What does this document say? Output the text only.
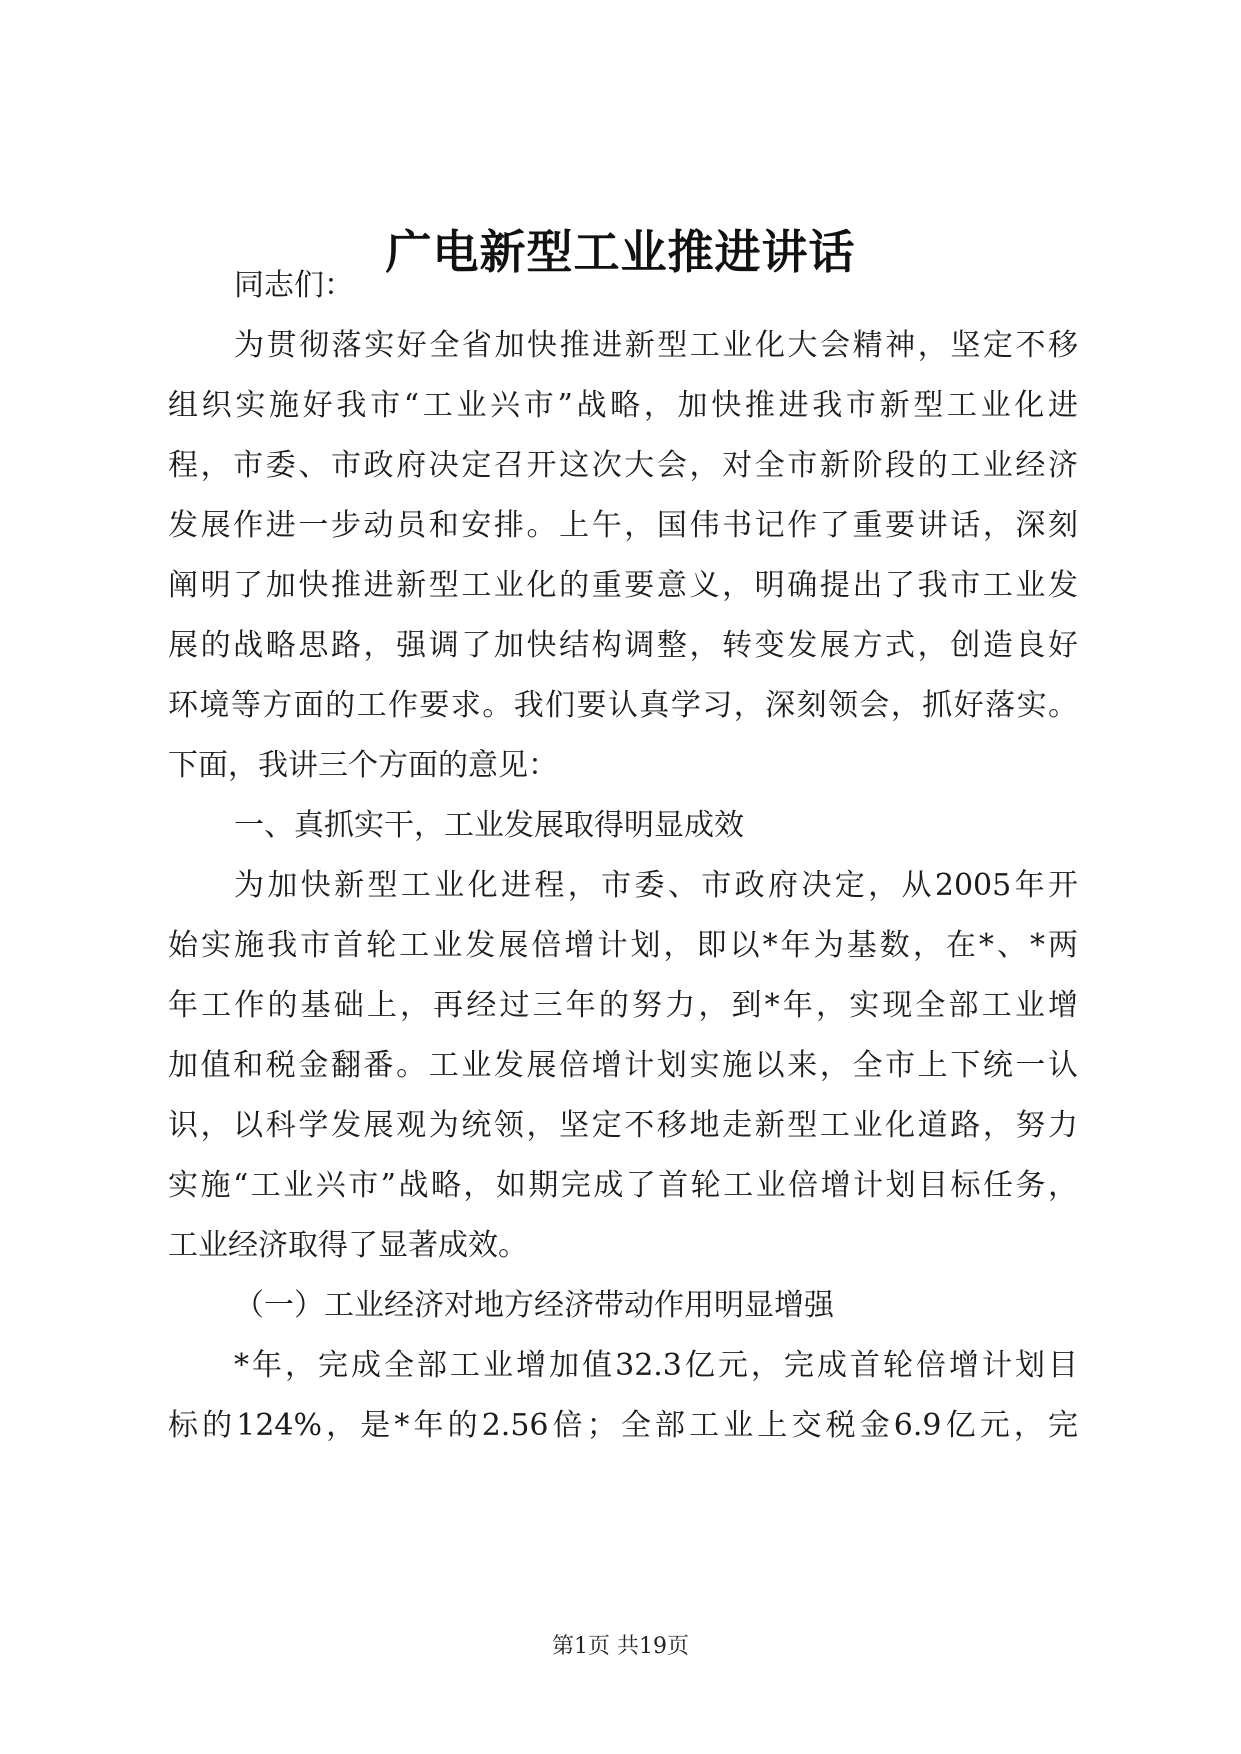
广电新型工业推进讲话

同志们：

为贯彻落实好全省加快推进新型工业化大会精神，坚定不移

组织实施好我市“工业兴市”战略，加快推进我市新型工业化进

程，市委、市政府决定召开这次大会，对全市新阶段的工业经济

发展作进一步动员和安排。上午，国伟书记作了重要讲话，深刻

阐明了加快推进新型工业化的重要意义，明确提出了我市工业发

展的战略思路，强调了加快结构调整，转变发展方式，创造良好

环境等方面的工作要求。我们要认真学习，深刻领会，抓好落实。

下面，我讲三个方面的意见：

一、真抓实干，工业发展取得明显成效

为加快新型工业化进程，市委、市政府决定，从2005年开

始实施我市首轮工业发展倍增计划，即以*年为基数，在*、*两

年工作的基础上，再经过三年的努力，到*年，实现全部工业增

加值和税金翻番。工业发展倍增计划实施以来，全市上下统一认

识，以科学发展观为统领，坚定不移地走新型工业化道路，努力

实施“工业兴市”战略，如期完成了首轮工业倍增计划目标任务，

工业经济取得了显著成效。

（一）工业经济对地方经济带动作用明显增强

*年，完成全部工业增加值32.3亿元，完成首轮倍增计划目

标的124%，是*年的2.56倍；全部工业上交税金6.9亿元，完

第1页 共19页
